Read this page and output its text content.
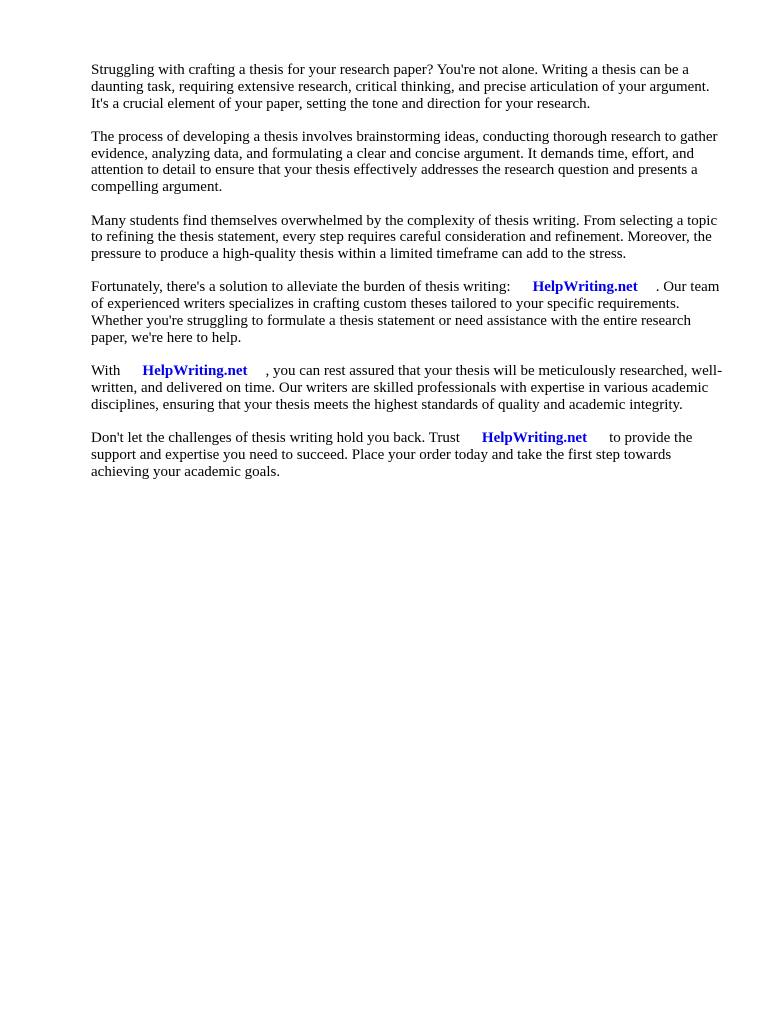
Struggling with crafting a thesis for your research paper? You're not alone. Writing a thesis can be a daunting task, requiring extensive research, critical thinking, and precise articulation of your argument. It's a crucial element of your paper, setting the tone and direction for your research.

The process of developing a thesis involves brainstorming ideas, conducting thorough research to gather evidence, analyzing data, and formulating a clear and concise argument. It demands time, effort, and attention to detail to ensure that your thesis effectively addresses the research question and presents a compelling argument.

Many students find themselves overwhelmed by the complexity of thesis writing. From selecting a topic to refining the thesis statement, every step requires careful consideration and refinement. Moreover, the pressure to produce a high-quality thesis within a limited timeframe can add to the stress.

Fortunately, there's a solution to alleviate the burden of thesis writing: HelpWriting.net . Our team of experienced writers specializes in crafting custom theses tailored to your specific requirements. Whether you're struggling to formulate a thesis statement or need assistance with the entire research paper, we're here to help.

With HelpWriting.net , you can rest assured that your thesis will be meticulously researched, well-written, and delivered on time. Our writers are skilled professionals with expertise in various academic disciplines, ensuring that your thesis meets the highest standards of quality and academic integrity.

Don't let the challenges of thesis writing hold you back. Trust HelpWriting.net to provide the support and expertise you need to succeed. Place your order today and take the first step towards achieving your academic goals.
